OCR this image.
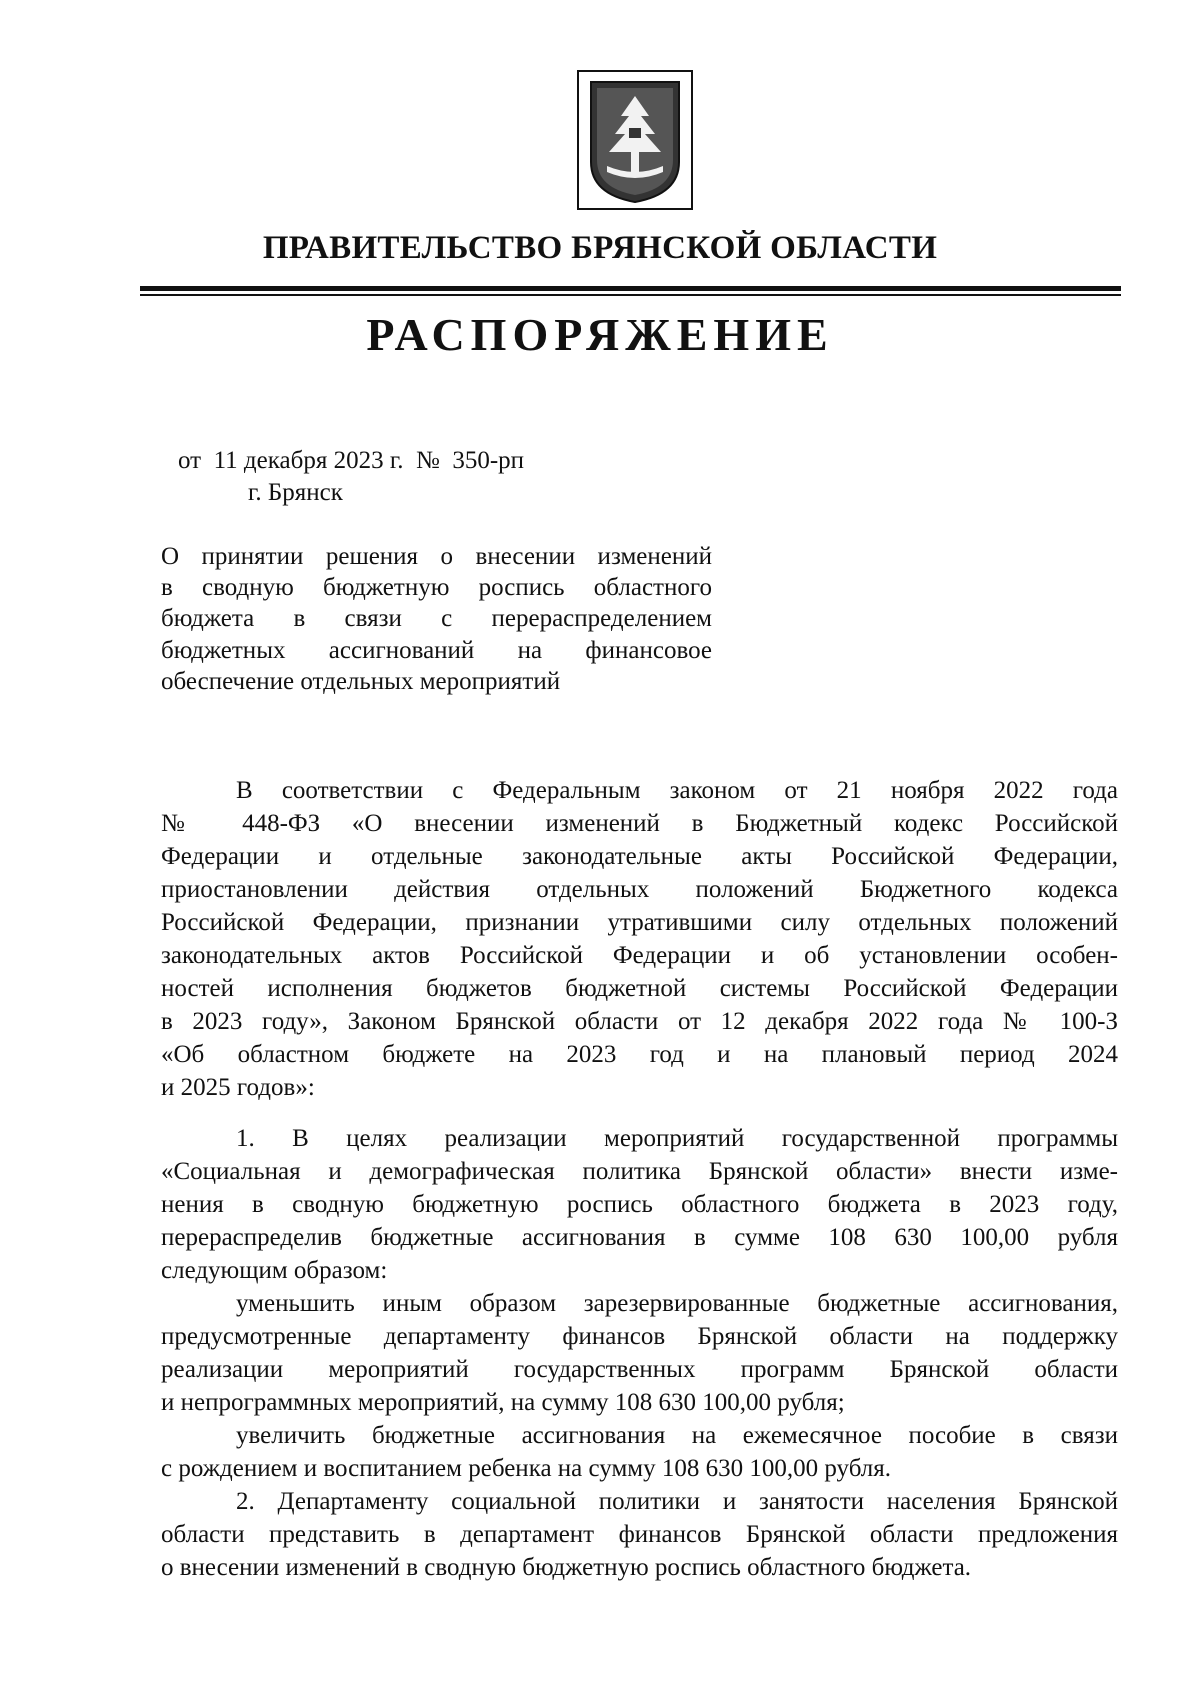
ПРАВИТЕЛЬСТВО БРЯНСКОЙ ОБЛАСТИ
РАСПОРЯЖЕНИЕ
от  11 декабря 2023 г.  №  350-рп
г. Брянск
О принятии решения о внесении изменений
в сводную бюджетную роспись областного
бюджета в связи с перераспределением
бюджетных ассигнований на финансовое
обеспечение отдельных мероприятий
В соответствии с Федеральным законом от 21 ноября 2022 года
№ 448-ФЗ «О внесении изменений в Бюджетный кодекс Российской
Федерации и отдельные законодательные акты Российской Федерации,
приостановлении действия отдельных положений Бюджетного кодекса
Российской Федерации, признании утратившими силу отдельных положений
законодательных актов Российской Федерации и об установлении особен-
ностей исполнения бюджетов бюджетной системы Российской Федерации
в 2023 году», Законом Брянской области от 12 декабря 2022 года № 100-З
«Об областном бюджете на 2023 год и на плановый период 2024
и 2025 годов»:
1. В целях реализации мероприятий государственной программы
«Социальная и демографическая политика Брянской области» внести изме-
нения в сводную бюджетную роспись областного бюджета в 2023 году,
перераспределив бюджетные ассигнования в сумме 108 630 100,00 рубля
следующим образом:
уменьшить иным образом зарезервированные бюджетные ассигнования,
предусмотренные департаменту финансов Брянской области на поддержку
реализации мероприятий государственных программ Брянской области
и непрограммных мероприятий, на сумму 108 630 100,00 рубля;
увеличить бюджетные ассигнования на ежемесячное пособие в связи
с рождением и воспитанием ребенка на сумму 108 630 100,00 рубля.
2. Департаменту социальной политики и занятости населения Брянской
области представить в департамент финансов Брянской области предложения
о внесении изменений в сводную бюджетную роспись областного бюджета.
